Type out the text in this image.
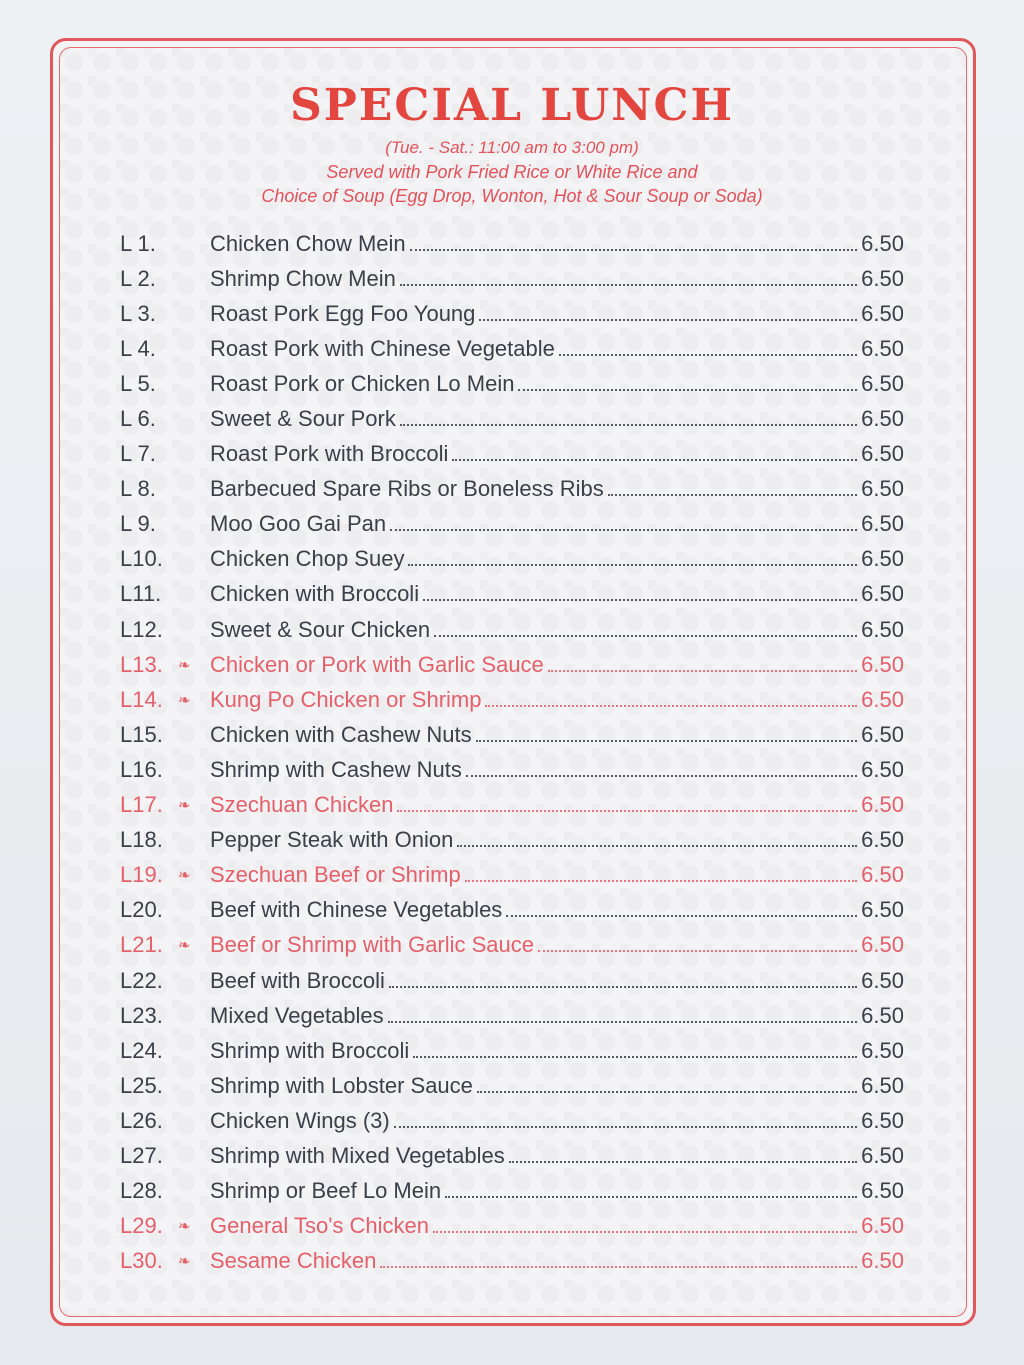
SPECIAL LUNCH

(Tue. - Sat.: 11:00 am to 3:00 pm)

Served with Pork Fried Rice or White Rice and

Choice of Soup (Egg Drop, Wonton, Hot & Sour Soup or Soda)

L 1.	Chicken Chow Mein	6.50
L 2.	Shrimp Chow Mein	6.50
L 3.	Roast Pork Egg Foo Young	6.50
L 4.	Roast Pork with Chinese Vegetable	6.50
L 5.	Roast Pork or Chicken Lo Mein	6.50
L 6.	Sweet & Sour Pork	6.50
L 7.	Roast Pork with Broccoli	6.50
L 8.	Barbecued Spare Ribs or Boneless Ribs	6.50
L 9.	Moo Goo Gai Pan	6.50
L10.	Chicken Chop Suey	6.50
L11.	Chicken with Broccoli	6.50
L12.	Sweet & Sour Chicken	6.50
L13.	❧ Chicken or Pork with Garlic Sauce	6.50
L14.	❧ Kung Po Chicken or Shrimp	6.50
L15.	Chicken with Cashew Nuts	6.50
L16.	Shrimp with Cashew Nuts	6.50
L17.	❧ Szechuan Chicken	6.50
L18.	Pepper Steak with Onion	6.50
L19.	❧ Szechuan Beef or Shrimp	6.50
L20.	Beef with Chinese Vegetables	6.50
L21.	❧ Beef or Shrimp with Garlic Sauce	6.50
L22.	Beef with Broccoli	6.50
L23.	Mixed Vegetables	6.50
L24.	Shrimp with Broccoli	6.50
L25.	Shrimp with Lobster Sauce	6.50
L26.	Chicken Wings (3)	6.50
L27.	Shrimp with Mixed Vegetables	6.50
L28.	Shrimp or Beef Lo Mein	6.50
L29.	❧ General Tso's Chicken	6.50
L30.	❧ Sesame Chicken	6.50
